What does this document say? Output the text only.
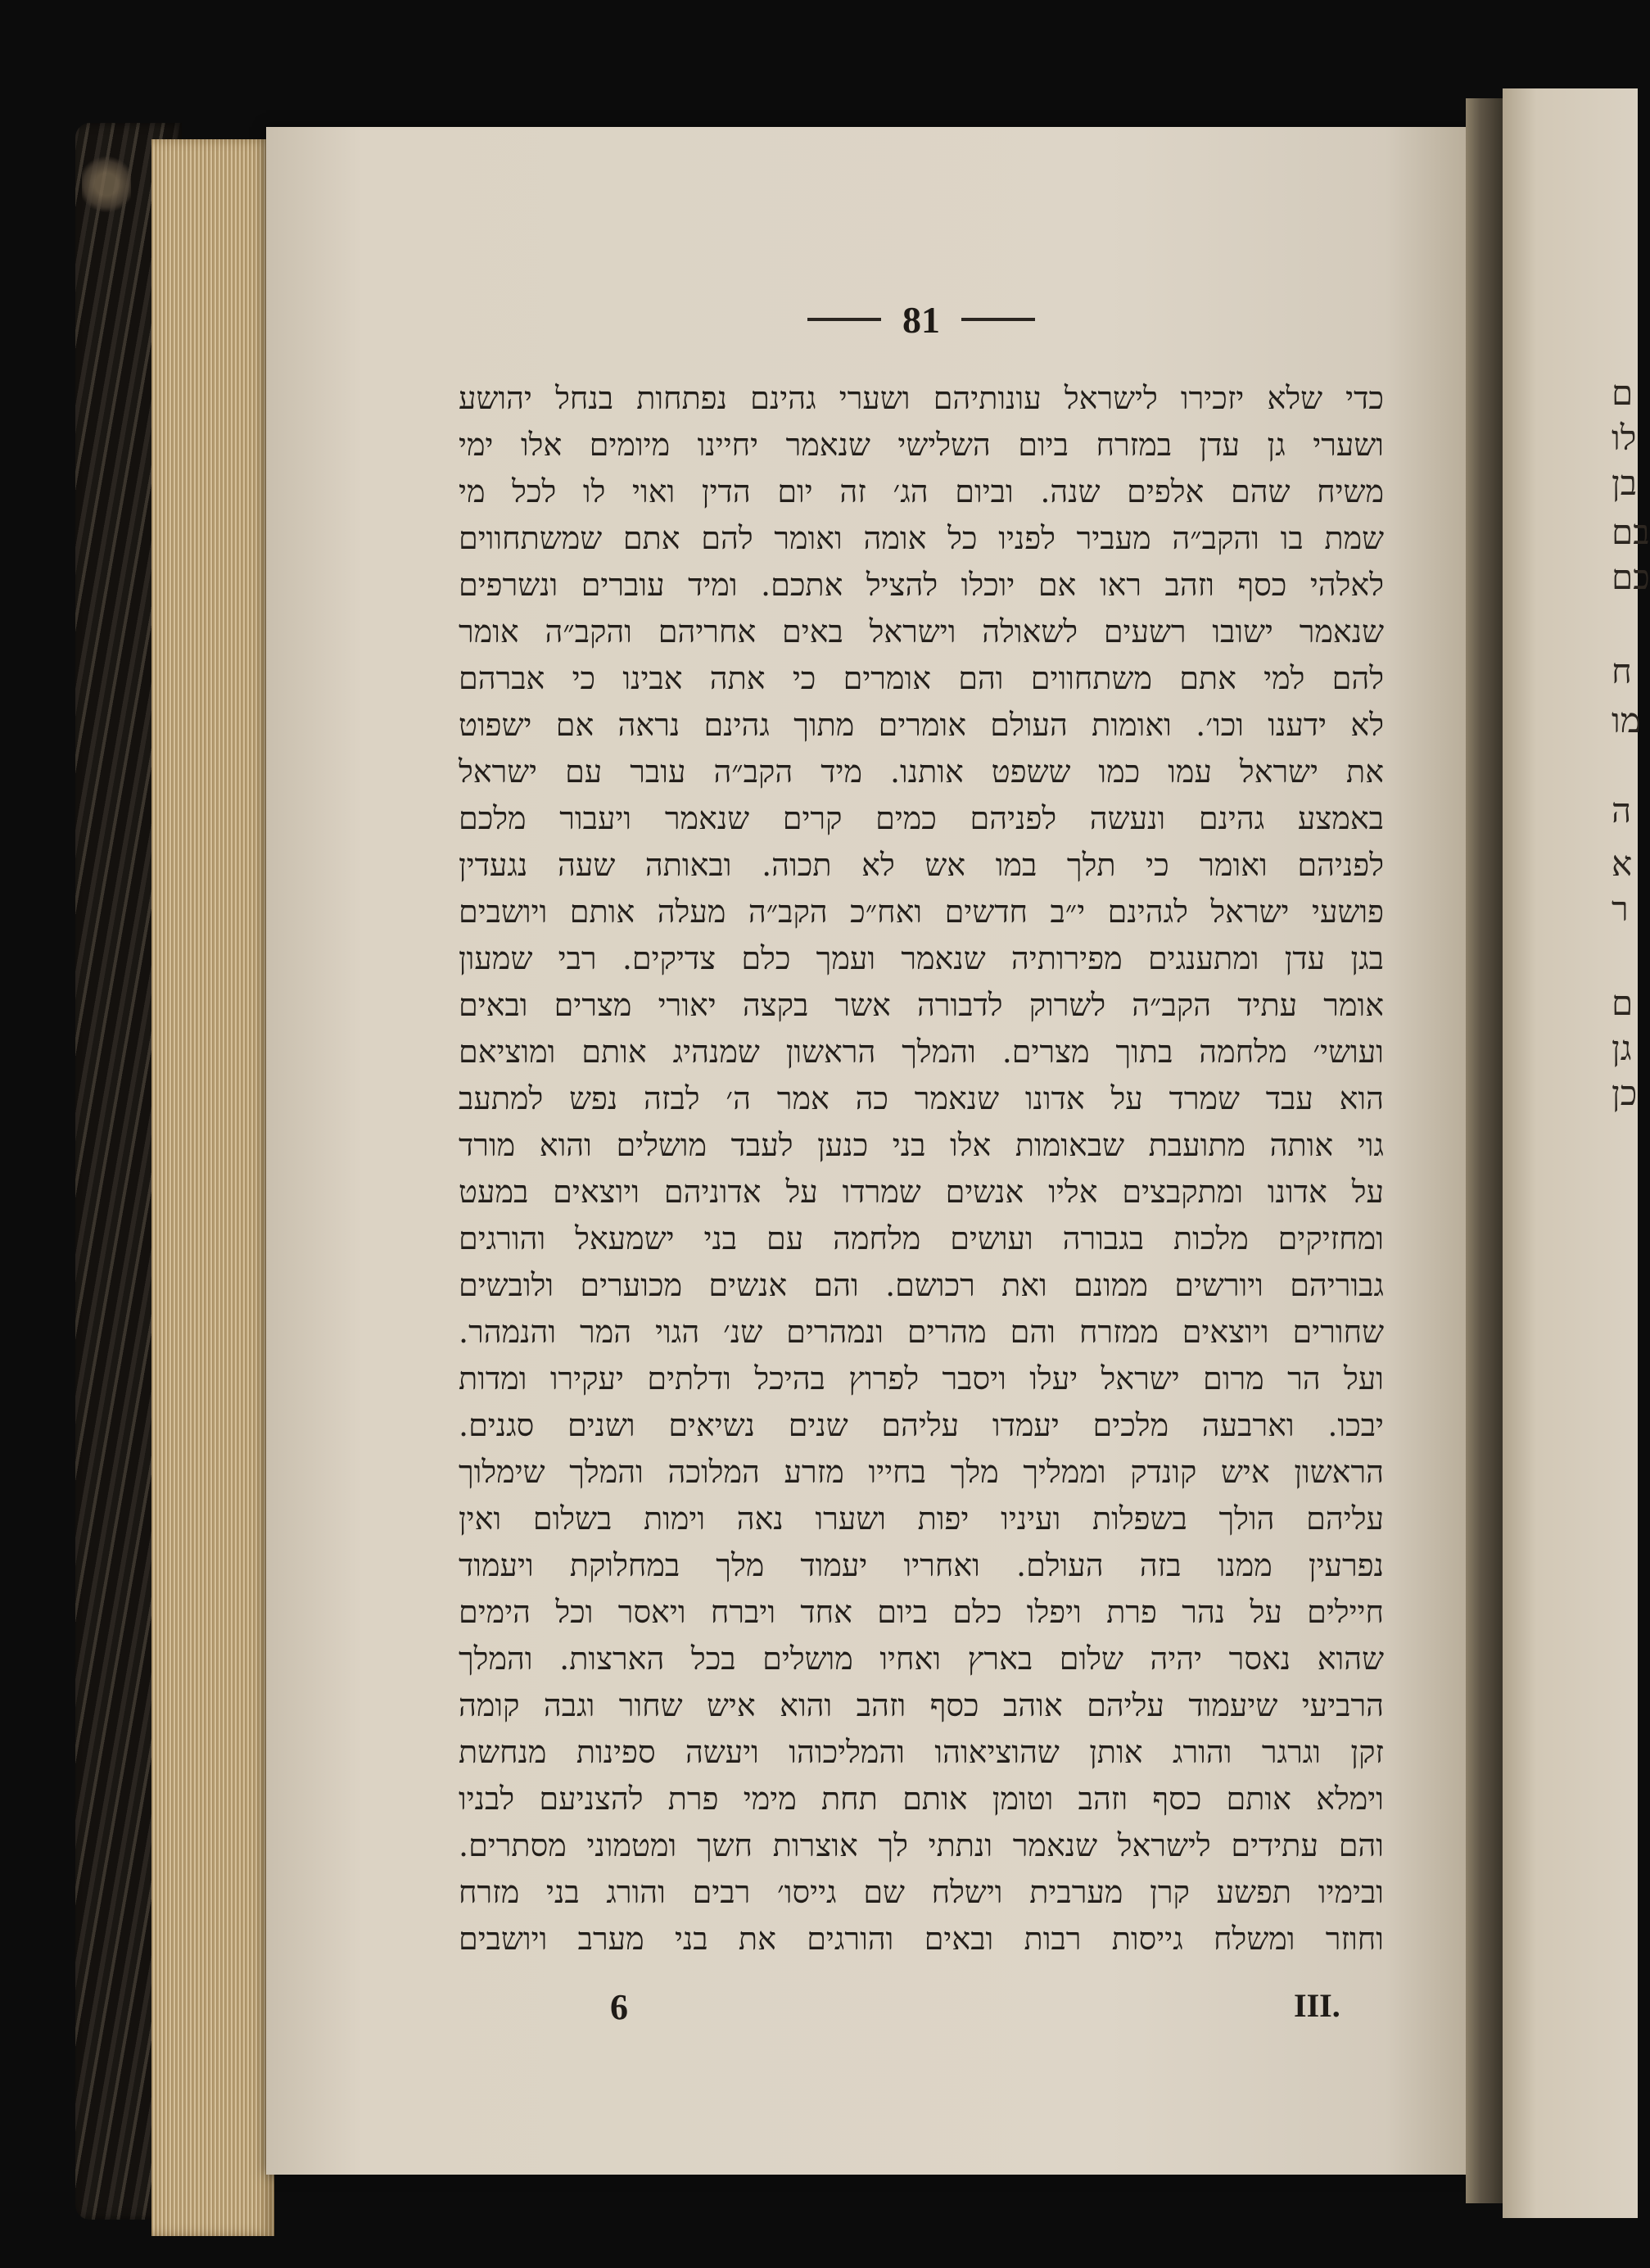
81
כדי שלא יזכירו לישראל עונותיהם ושערי גהינם נפתחות בנחל יהושע
ושערי גן עדן במזרח ביום השלישי שנאמר יחיינו מיומים אלו ימי
משיח שהם אלפים שנה. וביום הג׳ זה יום הדין ואוי לו לכל מי
שמת בו והקב״ה מעביר לפניו כל אומה ואומר להם אתם שמשתחווים
לאלהי כסף וזהב ראו אם יוכלו להציל אתכם. ומיד עוברים ונשרפים
שנאמר ישובו רשעים לשאולה וישראל באים אחריהם והקב״ה אומר
להם למי אתם משתחווים והם אומרים כי אתה אבינו כי אברהם
לא ידענו וכו׳. ואומות העולם אומרים מתוך גהינם נראה אם ישפוט
את ישראל עמו כמו ששפט אותנו. מיד הקב״ה עובר עם ישראל
באמצע גהינם ונעשה לפניהם כמים קרים שנאמר ויעבור מלכם
לפניהם ואומר כי תלך במו אש לא תכוה. ובאותה שעה נגעדין
פושעי ישראל לגהינם י״ב חדשים ואח״כ הקב״ה מעלה אותם ויושבים
בגן עדן ומתענגים מפירותיה שנאמר ועמך כלם צדיקים. רבי שמעון
אומר עתיד הקב״ה לשרוק לדבורה אשר בקצה יאורי מצרים ובאים
ועושי׳ מלחמה בתוך מצרים. והמלך הראשון שמנהיג אותם ומוציאם
הוא עבד שמרד על אדונו שנאמר כה אמר ה׳ לבזה נפש למתעב
גוי אותה מתועבת שבאומות אלו בני כנען לעבד מושלים והוא מורד
על אדונו ומתקבצים אליו אנשים שמרדו על אדוניהם ויוצאים במעט
ומחזיקים מלכות בגבורה ועושים מלחמה עם בני ישמעאל והורגים
גבוריהם ויורשים ממונם ואת רכושם. והם אנשים מכוערים ולובשים
שחורים ויוצאים ממזרח והם מהרים ונמהרים שנ׳ הגוי המר והנמהר.
ועל הר מרום ישראל יעלו ויסבר לפרוץ בהיכל ודלתים יעקירו ומדות
יבכו. וארבעה מלכים יעמדו עליהם שנים נשיאים ושנים סגנים.
הראשון איש קונדק וממליך מלך בחייו מזרע המלוכה והמלך שימלוך
עליהם הולך בשפלות ועיניו יפות ושערו נאה וימות בשלום ואין
נפרעין ממנו בזה העולם. ואחריו יעמוד מלך במחלוקת ויעמוד
חיילים על נהר פרת ויפלו כלם ביום אחד ויברח ויאסר וכל הימים
שהוא נאסר יהיה שלום בארץ ואחיו מושלים בכל הארצות. והמלך
הרביעי שיעמוד עליהם אוהב כסף וזהב והוא איש שחור וגבה קומה
זקן וגרגר והורג אותן שהוציאוהו והמליכוהו ויעשה ספינות מנחשת
וימלא אותם כסף וזהב וטומן אותם תחת מימי פרת להצניעם לבניו
והם עתידים לישראל שנאמר ונתתי לך אוצרות חשך ומטמוני מסתרים.
ובימיו תפשע קרן מערבית וישלח שם גייסו׳ רבים והורג בני מזרח
וחוזר ומשלח גייסות רבות ובאים והורגים את בני מערב ויושבים
6	III.
ם
לו
בן
בם
כם
ח
מו
ה
א
ר
ם
גן
כן
